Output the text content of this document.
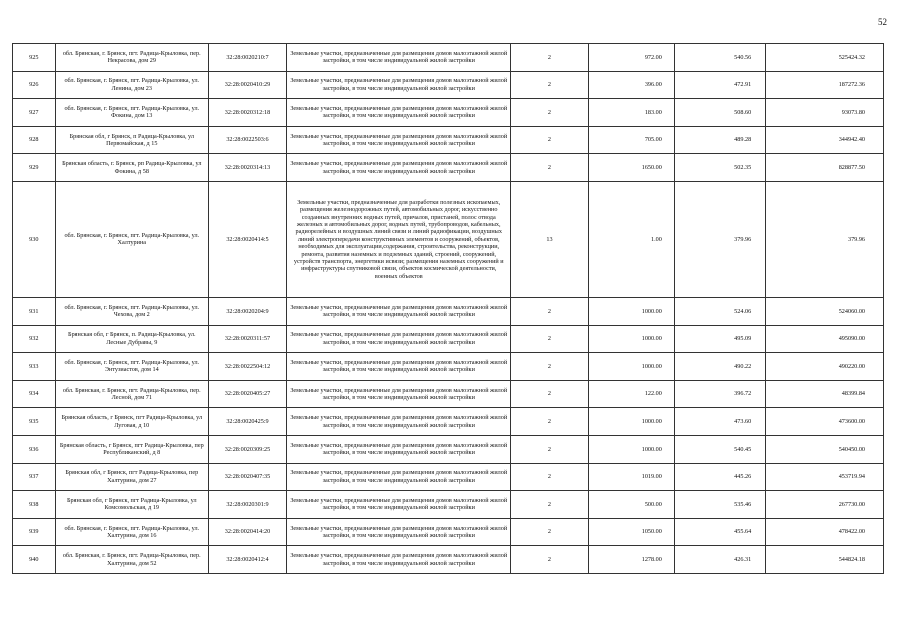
52
925	обл. Брянская, г. Брянск, пгт. Радица-Крыловка, пер. Некрасова, дом 29	32:28:0020210:7	Земельные участки, предназначенные для размещения домов малоэтажной жилой застройки, в том числе индивидуальной жилой застройки	2	972.00	540.56	525424.32
926	обл. Брянская, г. Брянск, пгт. Радица-Крыловка, ул. Ленина, дом 23	32:28:0020410:29	Земельные участки, предназначенные для размещения домов малоэтажной жилой застройки, в том числе индивидуальной жилой застройки	2	396.00	472.91	187272.36
927	обл. Брянская, г. Брянск, пгт. Радица-Крыловка, ул. Фокина, дом 13	32:28:0020312:18	Земельные участки, предназначенные для размещения домов малоэтажной жилой застройки, в том числе индивидуальной жилой застройки	2	183.00	508.60	93073.80
928	Брянская обл, г Брянск, п Радица-Крыловка, ул Первомайская, д 15	32:28:0022503:6	Земельные участки, предназначенные для размещения домов малоэтажной жилой застройки, в том числе индивидуальной жилой застройки	2	705.00	489.28	344942.40
929	Брянская область, г. Брянск, рп Радица-Крыловка, ул Фокина, д 58	32:28:0020314:13	Земельные участки, предназначенные для размещения домов малоэтажной жилой застройки, в том числе индивидуальной жилой застройки	2	1650.00	502.35	828877.50
930	обл. Брянская, г. Брянск, пгт. Радица-Крыловка, ул. Халтурина	32:28:0020414:5	Земельные участки, предназначенные для разработки полезных ископаемых, размещения железнодорожных путей, автомобильных дорог, искусственно созданных внутренних водных путей, причалов, пристаней, полос отвода железных и автомобильных дорог, водных путей, трубопроводов, кабельных, радиорелейных и воздушных линий связи и линий радиофикации, воздушных линий электропередачи конструктивных элементов и сооружений, объектов, необходимых для эксплуатации,содержания, строительства, реконструкции, ремонта, развития наземных и подземных зданий, строений, сооружений, устройств транспорта, энергетики исвязи; размещения наземных сооружений и инфраструктуры спутниковой связи, объектов космической деятельности, военных объектов	13	1.00	379.96	379.96
931	обл. Брянская, г. Брянск, пгт. Радица-Крыловка, ул. Чехова, дом 2	32:28:0020204:9	Земельные участки, предназначенные для размещения домов малоэтажной жилой застройки, в том числе индивидуальной жилой застройки	2	1000.00	524.06	524060.00
932	Брянская обл, г Брянск, п. Радица-Крыловка, ул. Лесные Дубравы, 9	32:28:0020311:57	Земельные участки, предназначенные для размещения домов малоэтажной жилой застройки, в том числе индивидуальной жилой застройки	2	1000.00	495.09	495090.00
933	обл. Брянская, г. Брянск, пгт. Радица-Крыловка, ул. Энтузиастов, дом 14	32:28:0022504:12	Земельные участки, предназначенные для размещения домов малоэтажной жилой застройки, в том числе индивидуальной жилой застройки	2	1000.00	490.22	490220.00
934	обл. Брянская, г. Брянск, пгт. Радица-Крыловка, пер. Лесной, дом 71	32:28:0020405:27	Земельные участки, предназначенные для размещения домов малоэтажной жилой застройки, в том числе индивидуальной жилой застройки	2	122.00	396.72	48399.84
935	Брянская область, г Брянск, пгт Радица-Крыловка, ул Луговая, д 10	32:28:0020425:9	Земельные участки, предназначенные для размещения домов малоэтажной жилой застройки, в том числе индивидуальной жилой застройки	2	1000.00	473.60	473600.00
936	Брянская область, г Брянск, пгт Радица-Крыловка, пер Республиканский, д 8	32:28:0020309:25	Земельные участки, предназначенные для размещения домов малоэтажной жилой застройки, в том числе индивидуальной жилой застройки	2	1000.00	540.45	540450.00
937	Брянская обл, г Брянск, пгт Радица-Крыловка, пер Халтурина, дом 27	32:28:0020407:35	Земельные участки, предназначенные для размещения домов малоэтажной жилой застройки, в том числе индивидуальной жилой застройки	2	1019.00	445.26	453719.94
938	Брянская обл, г Брянск, пгт Радица-Крыловка, ул Комсомольская, д 19	32:28:0020301:9	Земельные участки, предназначенные для размещения домов малоэтажной жилой застройки, в том числе индивидуальной жилой застройки	2	500.00	535.46	267730.00
939	обл. Брянская, г. Брянск, пгт. Радица-Крыловка, ул. Халтурина, дом 16	32:28:0020414:20	Земельные участки, предназначенные для размещения домов малоэтажной жилой застройки, в том числе индивидуальной жилой застройки	2	1050.00	455.64	478422.00
940	обл. Брянская, г. Брянск, пгт. Радица-Крыловка, пер. Халтурина, дом 52	32:28:0020412:4	Земельные участки, предназначенные для размещения домов малоэтажной жилой застройки, в том числе индивидуальной жилой застройки	2	1278.00	426.31	544824.18
